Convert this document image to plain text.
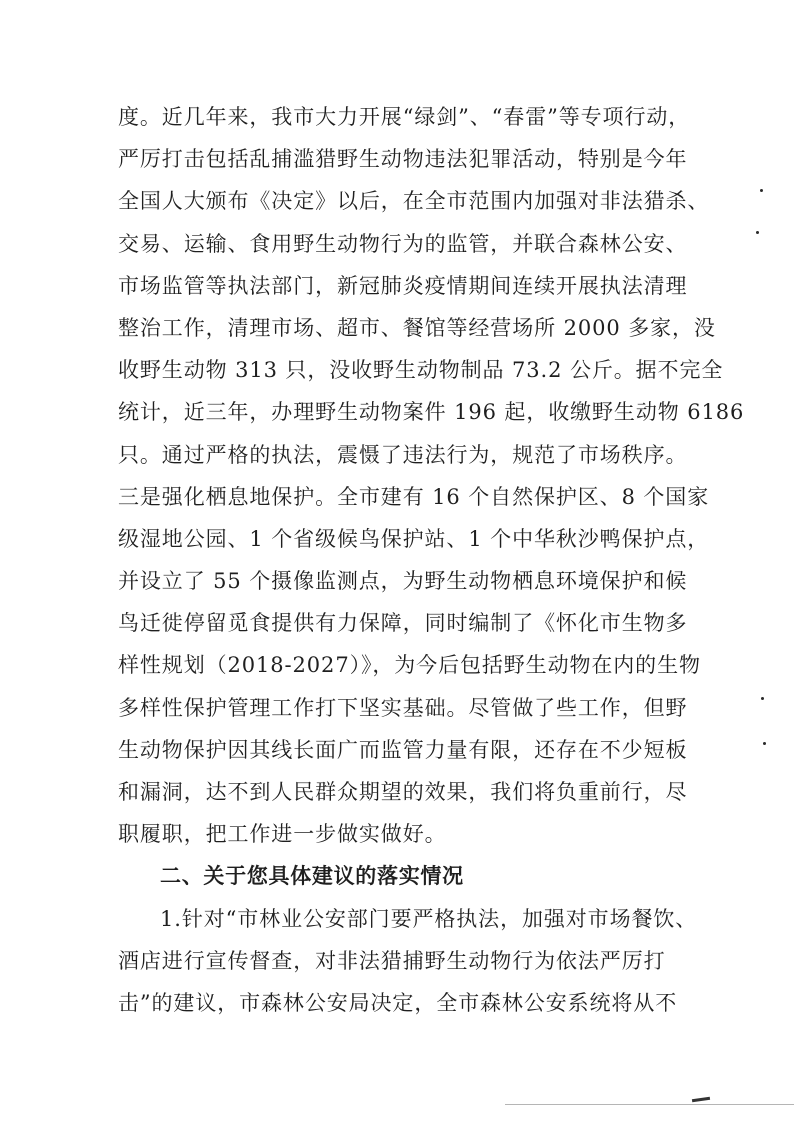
度。近几年来，我市大力开展“绿剑”、“春雷”等专项行动，
严厉打击包括乱捕滥猎野生动物违法犯罪活动，特别是今年
全国人大颁布《决定》以后，在全市范围内加强对非法猎杀、
交易、运输、食用野生动物行为的监管，并联合森林公安、
市场监管等执法部门，新冠肺炎疫情期间连续开展执法清理
整治工作，清理市场、超市、餐馆等经营场所 2000 多家，没
收野生动物 313 只，没收野生动物制品 73.2 公斤。据不完全
统计，近三年，办理野生动物案件 196 起，收缴野生动物 6186
只。通过严格的执法，震慑了违法行为，规范了市场秩序。
三是强化栖息地保护。全市建有 16 个自然保护区、8 个国家
级湿地公园、1 个省级候鸟保护站、1 个中华秋沙鸭保护点，
并设立了 55 个摄像监测点，为野生动物栖息环境保护和候
鸟迁徙停留觅食提供有力保障，同时编制了《怀化市生物多
样性规划（2018-2027）》，为今后包括野生动物在内的生物
多样性保护管理工作打下坚实基础。尽管做了些工作，但野
生动物保护因其线长面广而监管力量有限，还存在不少短板
和漏洞，达不到人民群众期望的效果，我们将负重前行，尽
职履职，把工作进一步做实做好。
二、关于您具体建议的落实情况
1.针对“市林业公安部门要严格执法，加强对市场餐饮、
酒店进行宣传督查，对非法猎捕野生动物行为依法严厉打
击”的建议，市森林公安局决定，全市森林公安系统将从不
